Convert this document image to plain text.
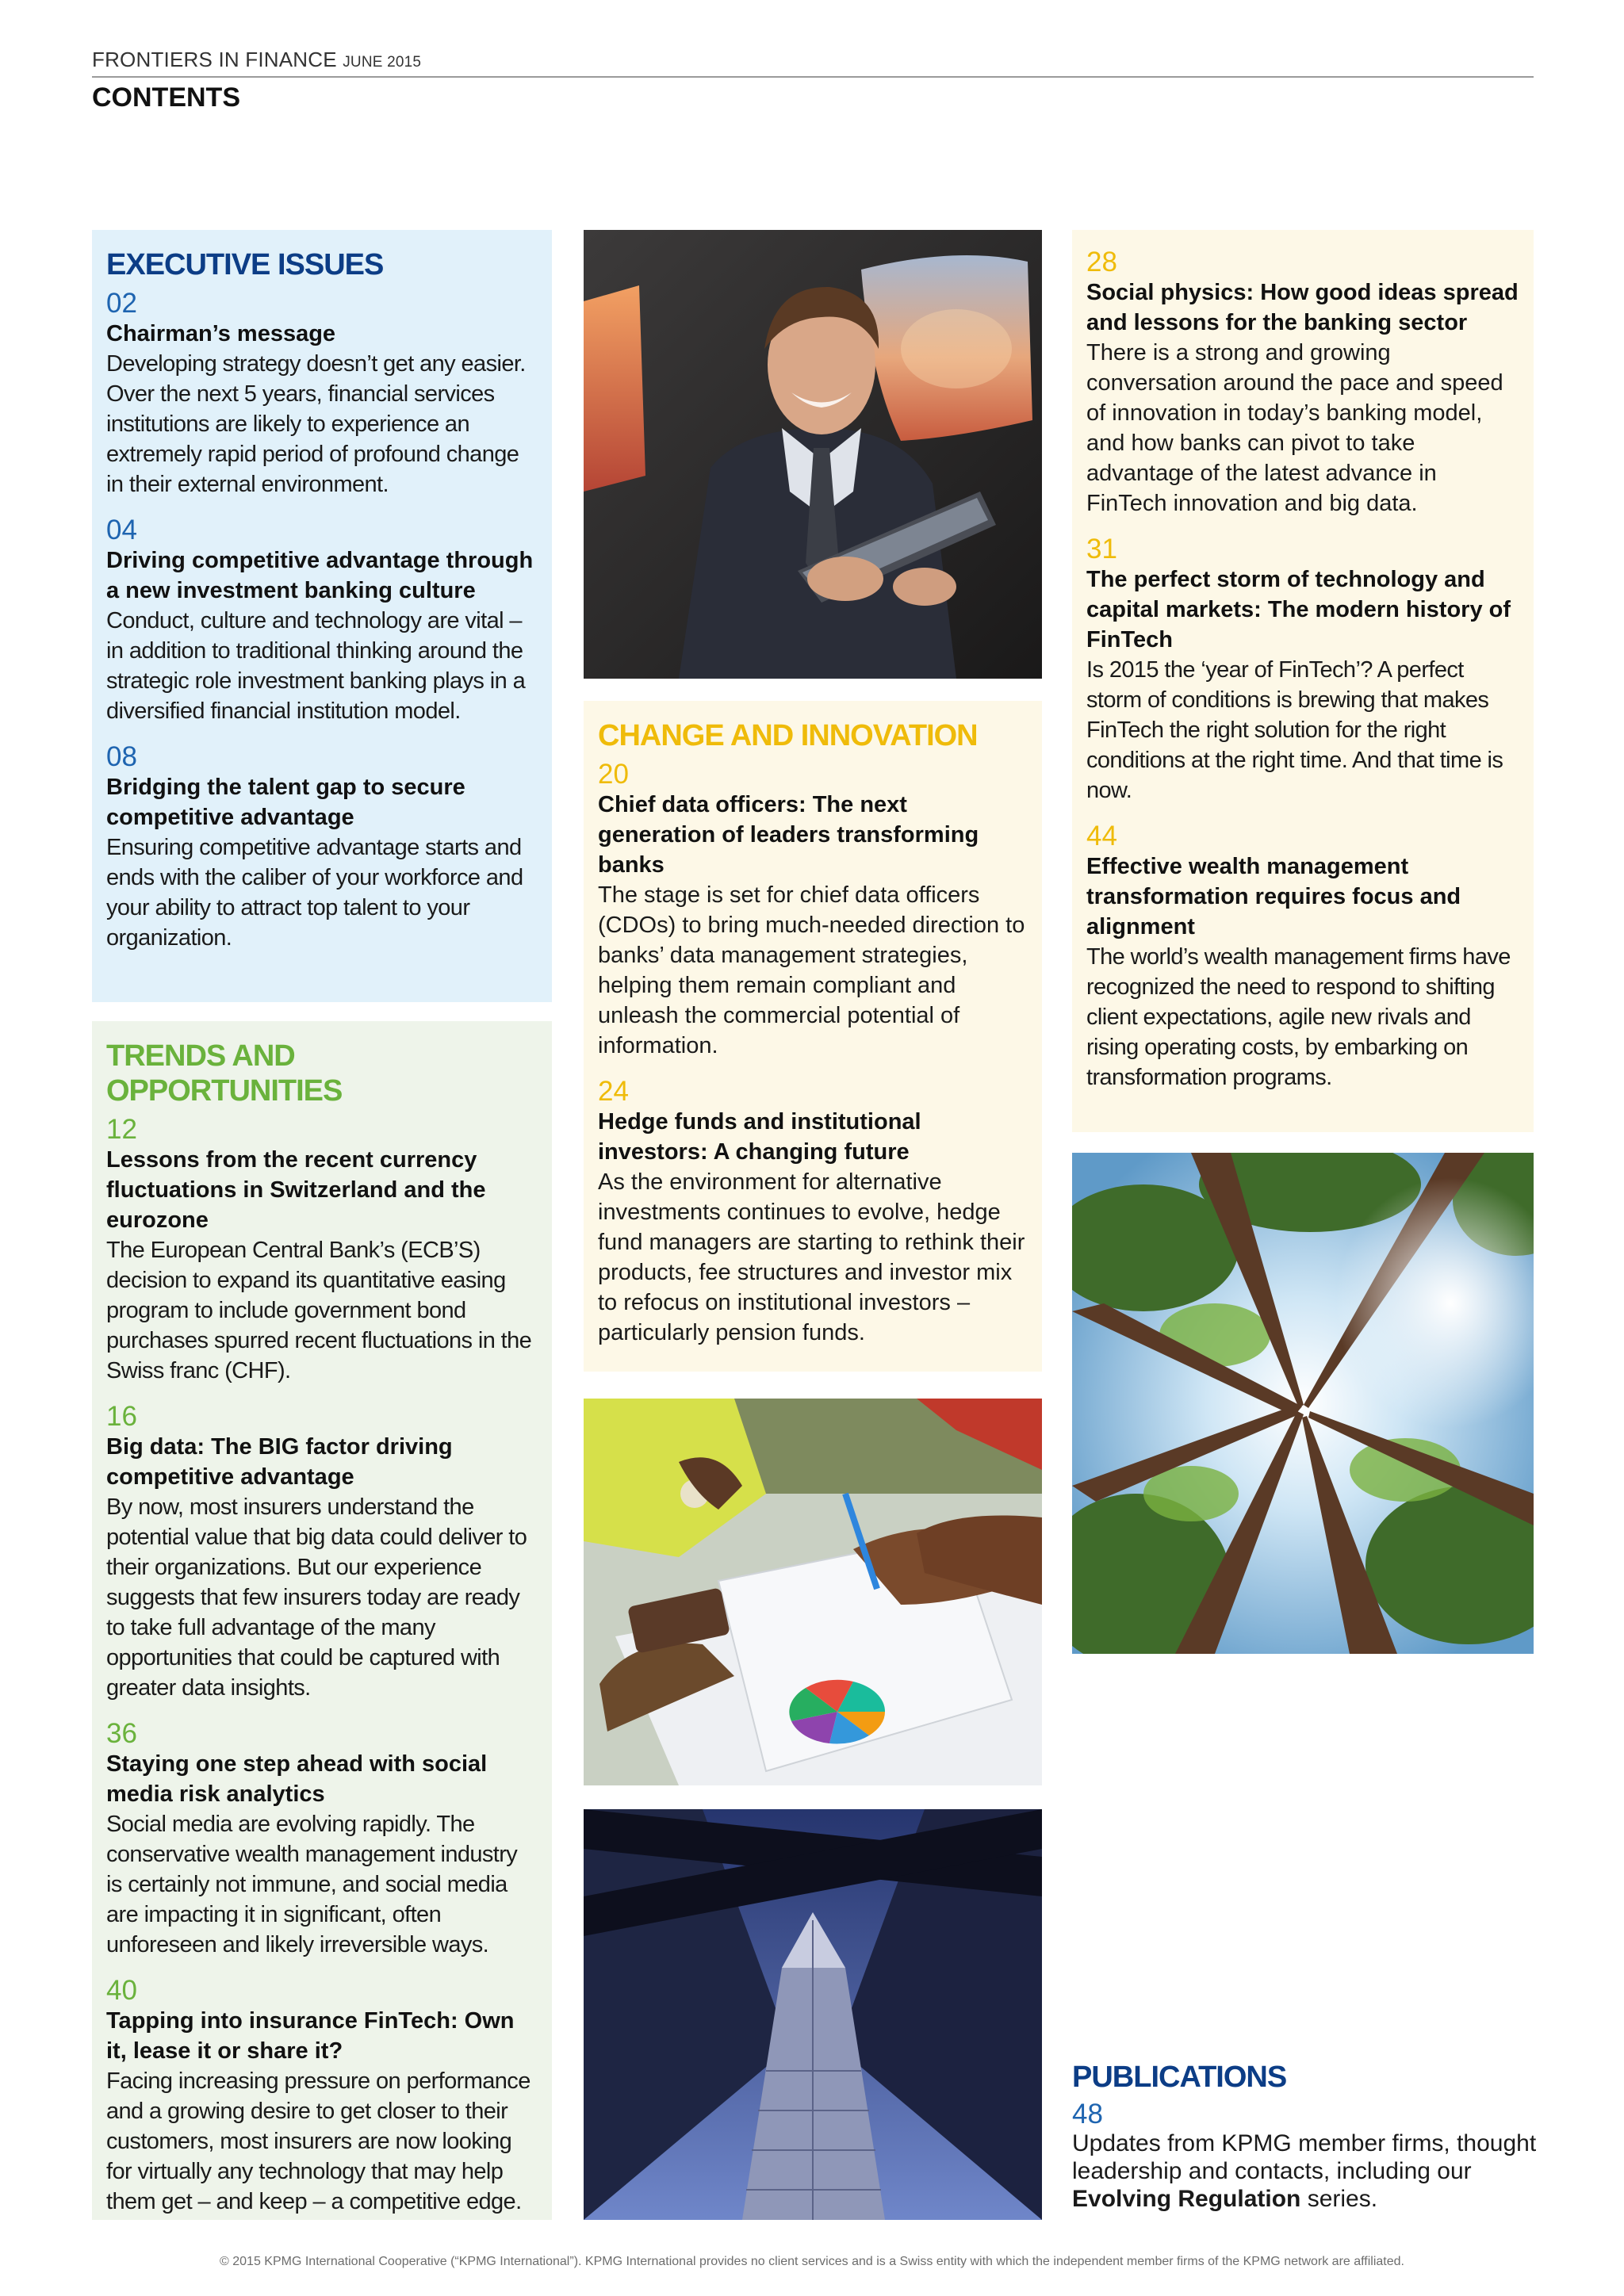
FRONTIERS IN FINANCE JUNE 2015
CONTENTS
EXECUTIVE ISSUES
02
Chairman’s message
Developing strategy doesn’t get any easier. Over the next 5 years, financial services institutions are likely to experience an extremely rapid period of profound change in their external environment.
04
Driving competitive advantage through a new investment banking culture
Conduct, culture and technology are vital – in addition to traditional thinking around the strategic role investment banking plays in a diversified financial institution model.
08
Bridging the talent gap to secure competitive advantage
Ensuring competitive advantage starts and ends with the caliber of your workforce and your ability to attract top talent to your organization.
TRENDS AND OPPORTUNITIES
12
Lessons from the recent currency fluctuations in Switzerland and the eurozone
The European Central Bank’s (ECB’S) decision to expand its quantitative easing program to include government bond purchases spurred recent fluctuations in the Swiss franc (CHF).
16
Big data: The BIG factor driving competitive advantage
By now, most insurers understand the potential value that big data could deliver to their organizations. But our experience suggests that few insurers today are ready to take full advantage of the many opportunities that could be captured with greater data insights.
36
Staying one step ahead with social media risk analytics
Social media are evolving rapidly. The conservative wealth management industry is certainly not immune, and social media are impacting it in significant, often unforeseen and likely irreversible ways.
40
Tapping into insurance FinTech: Own it, lease it or share it?
Facing increasing pressure on performance and a growing desire to get closer to their customers, most insurers are now looking for virtually any technology that may help them get – and keep – a competitive edge.
CHANGE AND INNOVATION
20
Chief data officers: The next generation of leaders transforming banks
The stage is set for chief data officers (CDOs) to bring much-needed direction to banks’ data management strategies, helping them remain compliant and unleash the commercial potential of information.
24
Hedge funds and institutional investors: A changing future
As the environment for alternative investments continues to evolve, hedge fund managers are starting to rethink their products, fee structures and investor mix to refocus on institutional investors – particularly pension funds.
28
Social physics: How good ideas spread and lessons for the banking sector
There is a strong and growing conversation around the pace and speed of innovation in today’s banking model, and how banks can pivot to take advantage of the latest advance in FinTech innovation and big data.
31
The perfect storm of technology and capital markets: The modern history of FinTech
Is 2015 the ‘year of FinTech’? A perfect storm of conditions is brewing that makes FinTech the right solution for the right conditions at the right time. And that time is now.
44
Effective wealth management transformation requires focus and alignment
The world’s wealth management firms have recognized the need to respond to shifting client expectations, agile new rivals and rising operating costs, by embarking on transformation programs.
PUBLICATIONS
48
Updates from KPMG member firms, thought leadership and contacts, including our Evolving Regulation series.
© 2015 KPMG International Cooperative (“KPMG International”). KPMG International provides no client services and is a Swiss entity with which the independent member firms of the KPMG network are affiliated.
